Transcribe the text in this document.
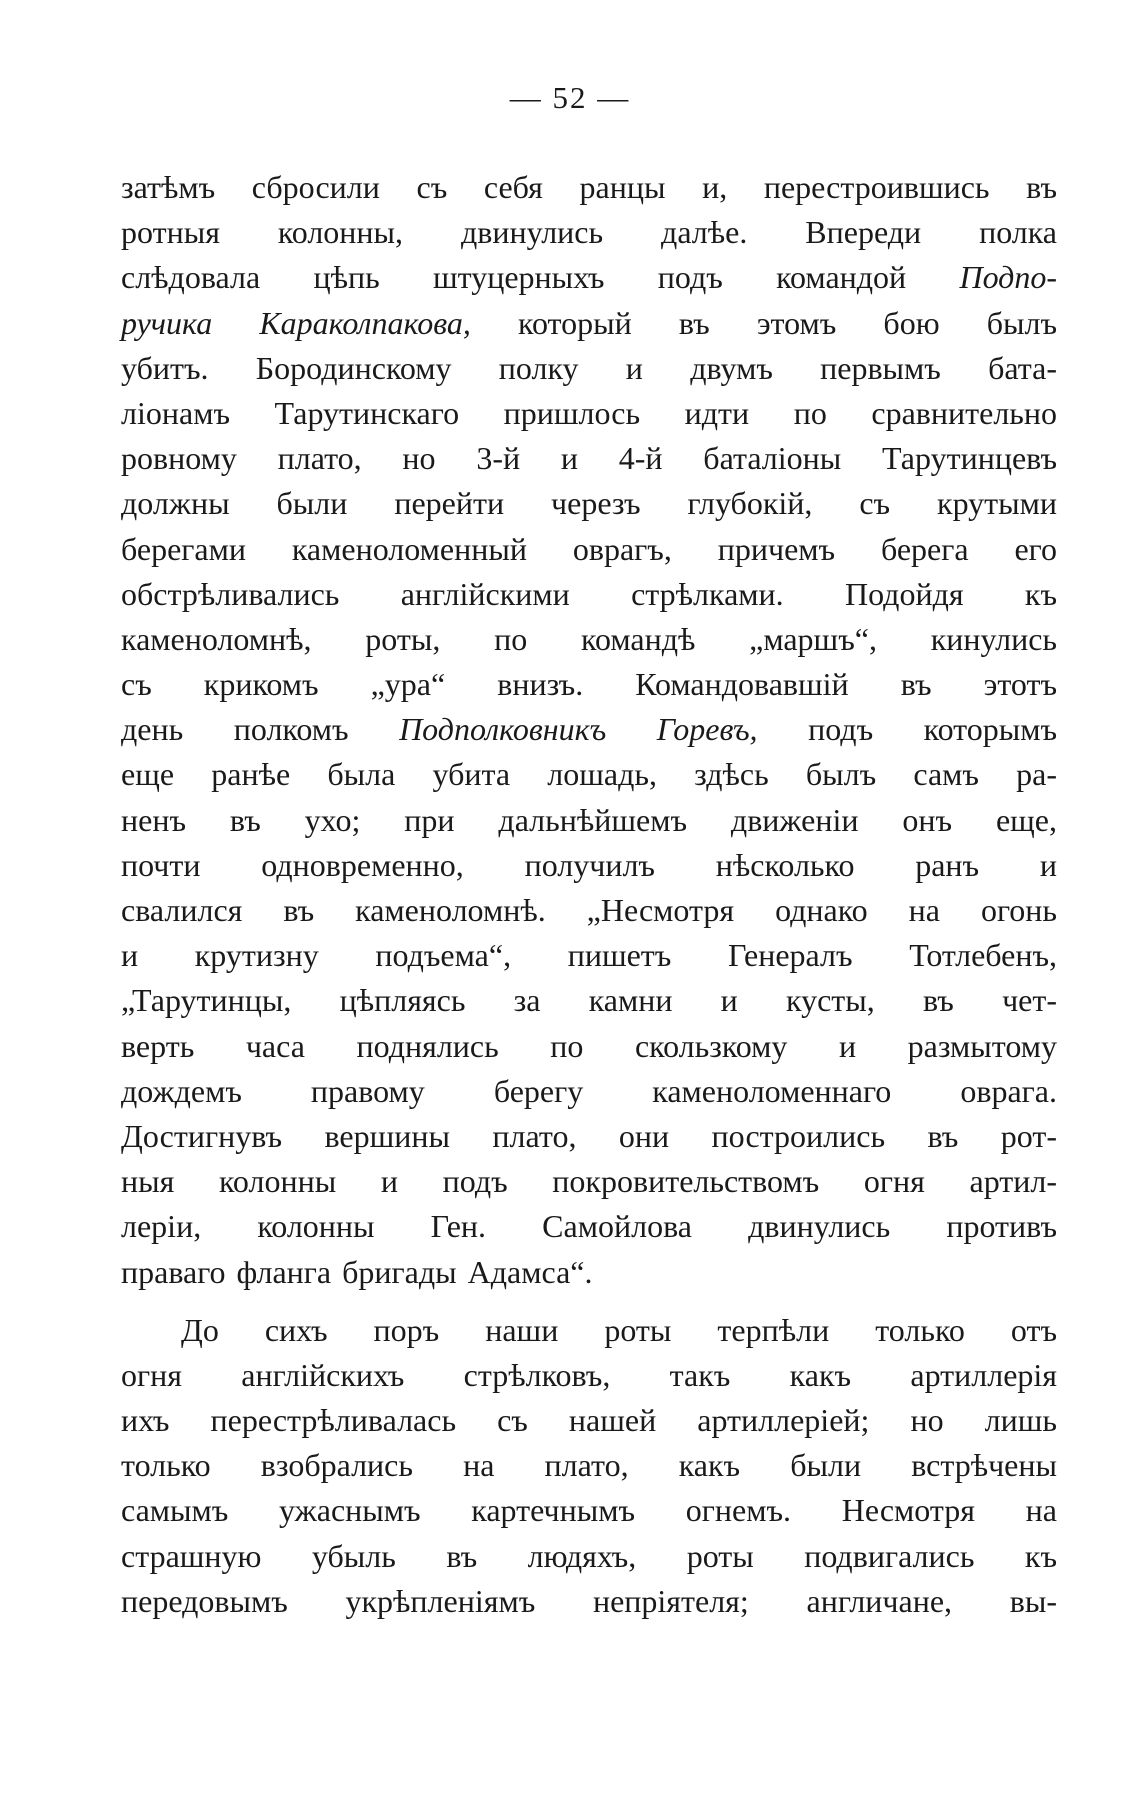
— 52 —
затѣмъ сбросили съ себя ранцы и, перестроившись въ
ротныя колонны, двинулись далѣе. Впереди полка
слѣдовала цѣпь штуцерныхъ подъ командой Подпо-
ручика Караколпакова, который въ этомъ бою былъ
убитъ. Бородинскому полку и двумъ первымъ бата-
ліонамъ Тарутинскаго пришлось идти по сравнительно
ровному плато, но 3-й и 4-й баталіоны Тарутинцевъ
должны были перейти черезъ глубокій, съ крутыми
берегами каменоломенный оврагъ, причемъ берега его
обстрѣливались англійскими стрѣлками. Подойдя къ
каменоломнѣ, роты, по командѣ „маршъ“, кинулись
съ крикомъ „ура“ внизъ. Командовавшій въ этотъ
день полкомъ Подполковникъ Горевъ, подъ которымъ
еще ранѣе была убита лошадь, здѣсь былъ самъ ра-
ненъ въ ухо; при дальнѣйшемъ движеніи онъ еще,
почти одновременно, получилъ нѣсколько ранъ и
свалился въ каменоломнѣ. „Несмотря однако на огонь
и крутизну подъема“, пишетъ Генералъ Тотлебенъ,
„Тарутинцы, цѣпляясь за камни и кусты, въ чет-
верть часа поднялись по скользкому и размытому
дождемъ правому берегу каменоломеннаго оврага.
Достигнувъ вершины плато, они построились въ рот-
ныя колонны и подъ покровительствомъ огня артил-
леріи, колонны Ген. Самойлова двинулись противъ
праваго фланга бригады Адамса“.
До сихъ поръ наши роты терпѣли только отъ
огня англійскихъ стрѣлковъ, такъ какъ артиллерія
ихъ перестрѣливалась съ нашей артиллеріей; но лишь
только взобрались на плато, какъ были встрѣчены
самымъ ужаснымъ картечнымъ огнемъ. Несмотря на
страшную убыль въ людяхъ, роты подвигались къ
передовымъ укрѣпленіямъ непріятеля; англичане, вы-
